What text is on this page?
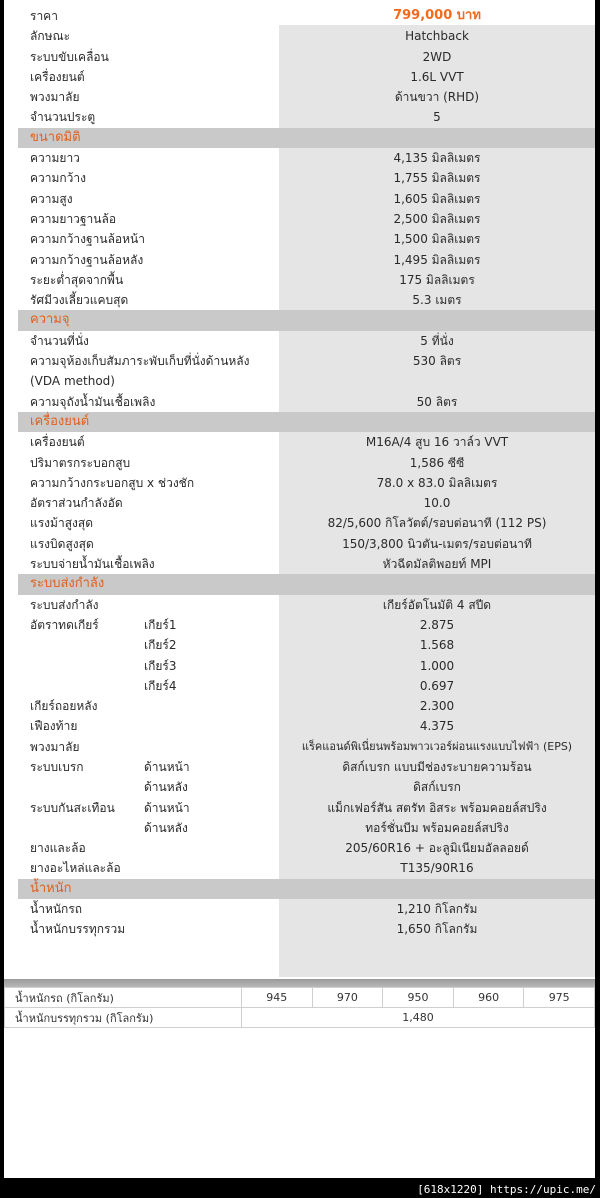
ราคา	799,000 บาท
ลักษณะ	Hatchback
ระบบขับเคลื่อน	2WD
เครื่องยนต์	1.6L VVT
พวงมาลัย	ด้านขวา (RHD)
จำนวนประตู	5
ขนาดมิติ
ความยาว	4,135 มิลลิเมตร
ความกว้าง	1,755 มิลลิเมตร
ความสูง	1,605 มิลลิเมตร
ความยาวฐานล้อ	2,500 มิลลิเมตร
ความกว้างฐานล้อหน้า	1,500 มิลลิเมตร
ความกว้างฐานล้อหลัง	1,495 มิลลิเมตร
ระยะต่ำสุดจากพื้น	175 มิลลิเมตร
รัศมีวงเลี้ยวแคบสุด	5.3 เมตร
ความจุ
จำนวนที่นั่ง	5 ที่นั่ง
ความจุห้องเก็บสัมภาระพับเก็บที่นั่งด้านหลัง	530 ลิตร
(VDA method)
ความจุถังน้ำมันเชื้อเพลิง	50 ลิตร
เครื่องยนต์
เครื่องยนต์	M16A/4 สูบ 16 วาล์ว VVT
ปริมาตรกระบอกสูบ	1,586 ซีซี
ความกว้างกระบอกสูบ x ช่วงชัก	78.0 x 83.0 มิลลิเมตร
อัตราส่วนกำลังอัด	10.0
แรงม้าสูงสุด	82/5,600 กิโลวัตต์/รอบต่อนาที (112 PS)
แรงบิดสูงสุด	150/3,800 นิวตัน-เมตร/รอบต่อนาที
ระบบจ่ายน้ำมันเชื้อเพลิง	หัวฉีดมัลติพอยท์ MPI
ระบบส่งกำลัง
ระบบส่งกำลัง	เกียร์อัตโนมัติ 4 สปีด
อัตราทดเกียร์	เกียร์1	2.875
เกียร์2	1.568
เกียร์3	1.000
เกียร์4	0.697
เกียร์ถอยหลัง	2.300
เฟืองท้าย	4.375
พวงมาลัย	แร็คแอนด์พิเนี่ยนพร้อมพาวเวอร์ผ่อนแรงแบบไฟฟ้า (EPS)
ระบบเบรก	ด้านหน้า	ดิสก์เบรก แบบมีช่องระบายความร้อน
ด้านหลัง	ดิสก์เบรก
ระบบกันสะเทือน ด้านหน้า	แม็กเฟอร์สัน สตรัท อิสระ พร้อมคอยล์สปริง
ด้านหลัง	ทอร์ชั่นบีม พร้อมคอยล์สปริง
ยางและล้อ	205/60R16 + อะลูมิเนียมอัลลอยด์
ยางอะไหล่และล้อ	T135/90R16
น้ำหนัก
น้ำหนักรถ	1,210 กิโลกรัม
น้ำหนักบรรทุกรวม	1,650 กิโลกรัม
น้ำหนักรถ (กิโลกรัม)	945	970	950	960	975
น้ำหนักบรรทุกรวม (กิโลกรัม)	1,480				
[618x1220] https://upic.me/
